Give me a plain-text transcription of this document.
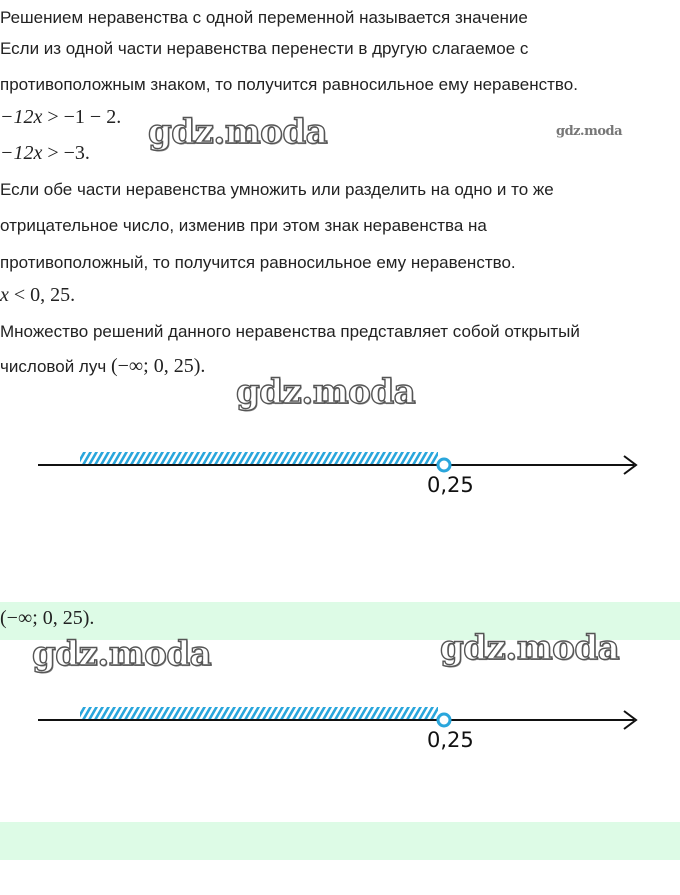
Решением неравенства с одной переменной называется значение
Если из одной части неравенства перенести в другую слагаемое с
противоположным знаком, то получится равносильное ему неравенство.
−12x > −1 − 2.
−12x > −3.
gdz.moda	gdz.moda
Если обе части неравенства умножить или разделить на одно и то же
отрицательное число, изменив при этом знак неравенства на
противоположный, то получится равносильное ему неравенство.
x < 0, 25.
Множество решений данного неравенства представляет собой открытый
числовой луч (−∞; 0, 25).
gdz.moda
0,25
(−∞; 0, 25).
gdz.moda	gdz.moda
0,25
